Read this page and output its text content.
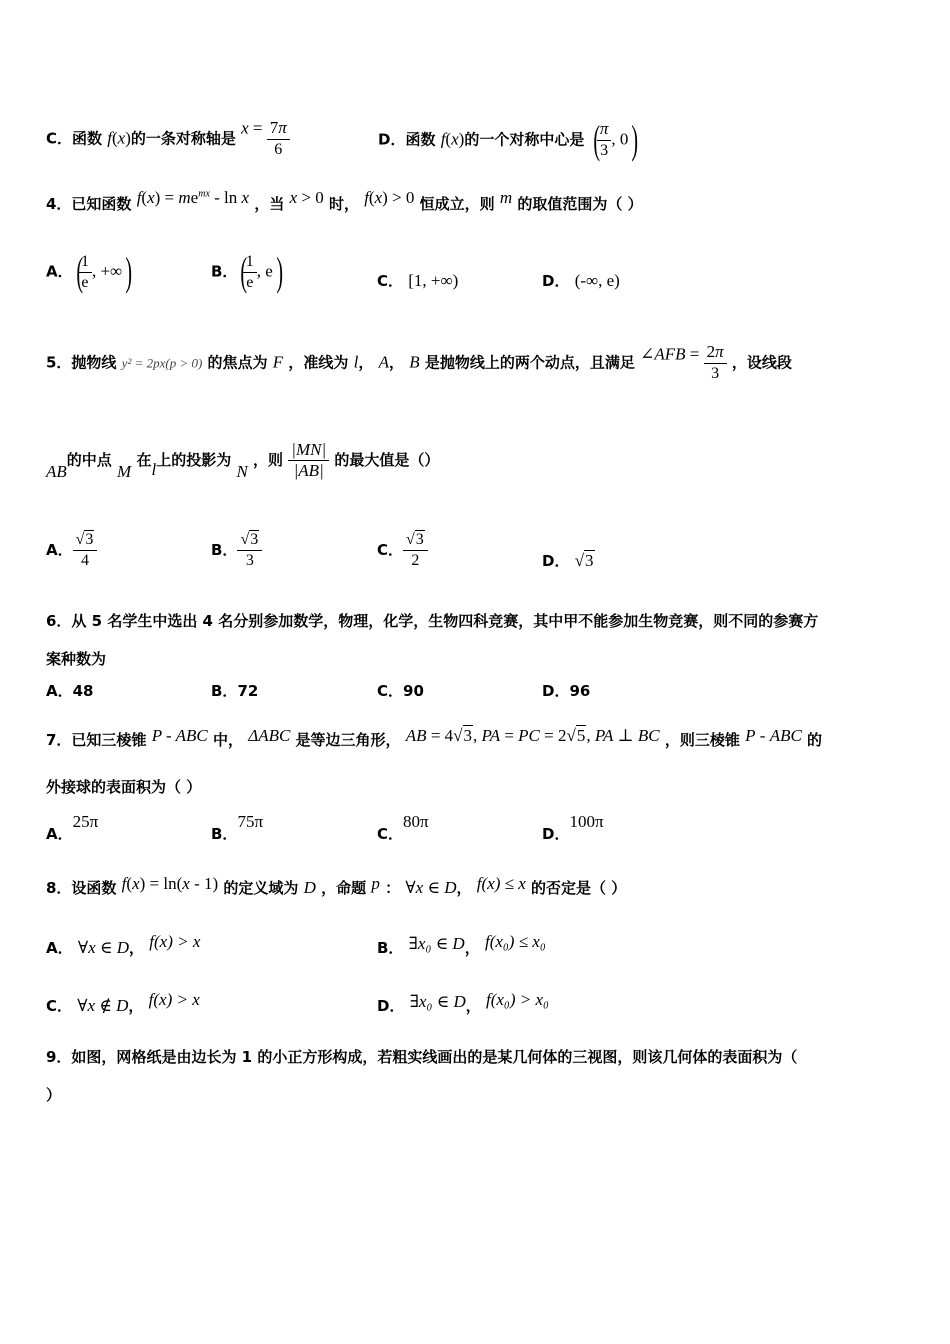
C．函数 f(x)的一条对称轴是 $x = \frac{7\pi}{6}$	D．函数 f(x)的一个对称中心是 (
$\frac{\pi}{3}$ , 0)
4．已知函数 $f(x) = me^{mx} - \ln x$ ，当 x > 0 时， f(x) > 0 恒成立，则 m 的取值范围为（ ）
A．(
$\frac{1}{e}$ , +∞)	B．(
$\frac{1}{e}$ , e)	C． [1, +∞)	D． (-∞, e)
5．抛物线 y² = 2px(p > 0) 的焦点为 F ，准线为 l， A， B 是抛物线上的两个动点，且满足 ∠AFB = $\frac{2\pi}{3}$ ，设线段
AB的中点 M 在l上的投影为 N ，则 $\frac{|MN|}{|AB|}$ 的最大值是（）
A． $\frac{√3}{4}$	B． $\frac{√3}{3}$	C． $\frac{√3}{2}$	D． √3
6．从 5 名学生中选出 4 名分别参加数学，物理，化学，生物四科竞赛，其中甲不能参加生物竞赛，则不同的参赛方
案种数为
A．48	B．72	C．90	D．96
7．已知三棱锥 P - ABC 中， ΔABC 是等边三角形， AB = 4√3, PA = PC = 2√5, PA ⊥ BC ，则三棱锥 P - ABC 的
外接球的表面积为（ ）
A．25π
B．75π
C．80π
D．100π
8．设函数 f(x) = ln(x - 1) 的定义域为 D ，命题 p ： ∀x ∈ D， f(x) ≤ x 的否定是（ ）
A． ∀x ∈ D， f(x) > x	B． ∃x₀ ∈ D， f(x₀) ≤ x₀
C． ∀x ∉ D， f(x) > x	D． ∃x₀ ∈ D， f(x₀) > x₀
9．如图，网格纸是由边长为 1 的小正方形构成，若粗实线画出的是某几何体的三视图，则该几何体的表面积为（
）
